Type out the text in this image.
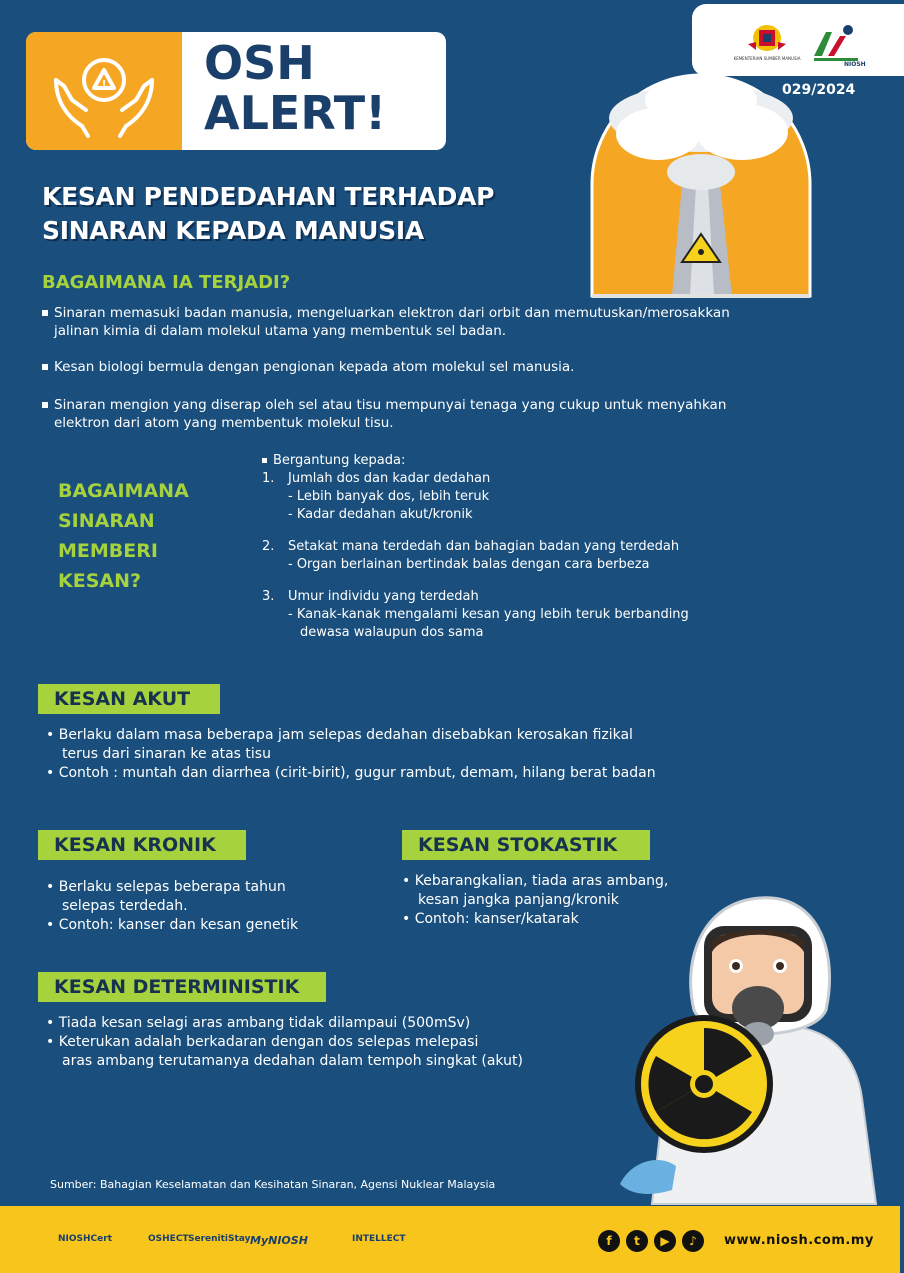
! OSH
ALERT!
KEMENTERIAN SUMBER MANUSIA
NIOSH
029/2024
KESAN PENDEDAHAN TERHADAP
SINARAN KEPADA MANUSIA
BAGAIMANA IA TERJADI?
Sinaran memasuki badan manusia, mengeluarkan elektron dari orbit dan memutuskan/merosakkan
jalinan kimia di dalam molekul utama yang membentuk sel badan.
Kesan biologi bermula dengan pengionan kepada atom molekul sel manusia.
Sinaran mengion yang diserap oleh sel atau tisu mempunyai tenaga yang cukup untuk menyahkan
elektron dari atom yang membentuk molekul tisu.
BAGAIMANA
SINARAN
MEMBERI
KESAN?
Bergantung kepada:
1. Jumlah dos dan kadar dedahan
- Lebih banyak dos, lebih teruk
- Kadar dedahan akut/kronik
2. Setakat mana terdedah dan bahagian badan yang terdedah
- Organ berlainan bertindak balas dengan cara berbeza
3. Umur individu yang terdedah
- Kanak-kanak mengalami kesan yang lebih teruk berbanding
dewasa walaupun dos sama
KESAN AKUT
• Berlaku dalam masa beberapa jam selepas dedahan disebabkan kerosakan fizikal
terus dari sinaran ke atas tisu
• Contoh : muntah dan diarrhea (cirit-birit), gugur rambut, demam, hilang berat badan
KESAN KRONIK
• Berlaku selepas beberapa tahun
selepas terdedah.
• Contoh: kanser dan kesan genetik
KESAN STOKASTIK
• Kebarangkalian, tiada aras ambang,
kesan jangka panjang/kronik
• Contoh: kanser/katarak
KESAN DETERMINISTIK
• Tiada kesan selagi aras ambang tidak dilampaui (500mSv)
• Keterukan adalah berkadaran dengan dos selepas melepasi
aras ambang terutamanya dedahan dalam tempoh singkat (akut)
Sumber: Bahagian Keselamatan dan Kesihatan Sinaran, Agensi Nuklear Malaysia
NIOSHCert	OSHECT SerenitiStay MyNIOSH	INTELLECT	f	t	▶	♪	www.niosh.com.my
